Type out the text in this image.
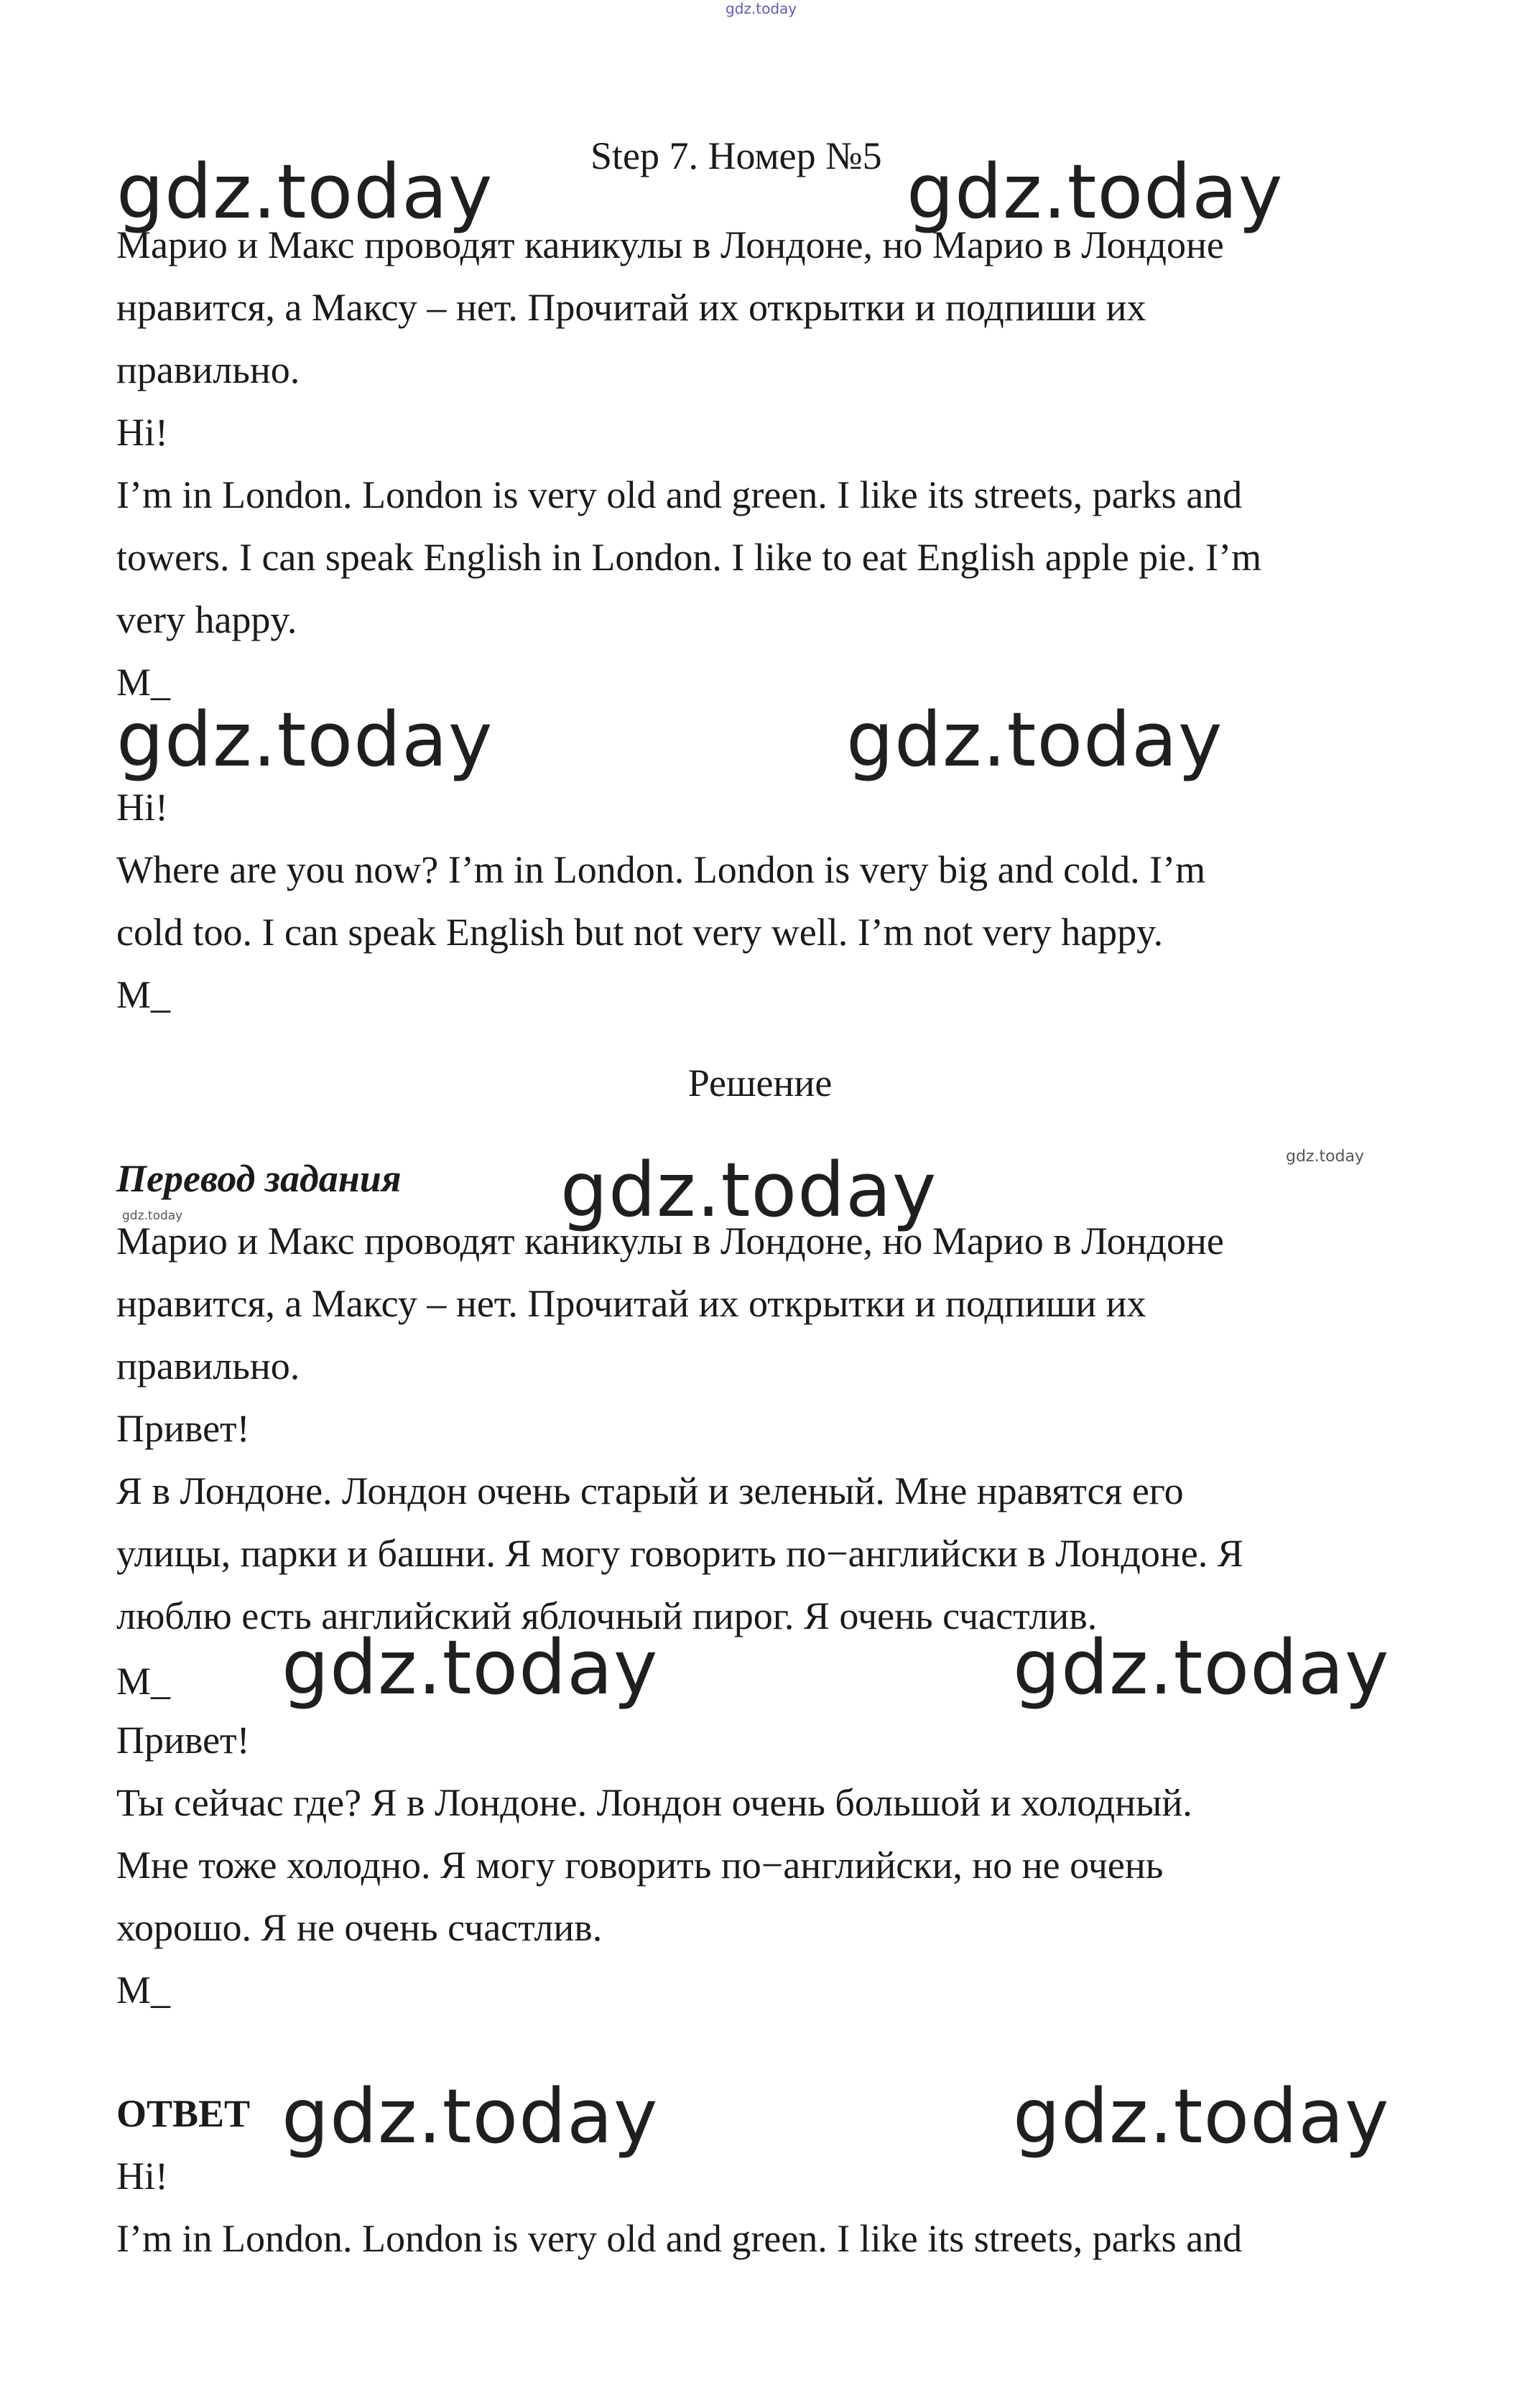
gdz.today
Step 7. Номер №5
gdz.today	gdz.today
Марио и Макс проводят каникулы в Лондоне, но Марио в Лондоне
нравится, а Максу – нет. Прочитай их открытки и подпиши их
правильно.
Hi!
I’m in London. London is very old and green. I like its streets, parks and
towers. I can speak English in London. I like to eat English apple pie. I’m
very happy.
M_
gdz.today	gdz.today
Hi!
Where are you now? I’m in London. London is very big and cold. I’m
cold too. I can speak English but not very well. I’m not very happy.
M_
Решение
gdz.today
Перевод задания gdz.today
gdz.today
Марио и Макс проводят каникулы в Лондоне, но Марио в Лондоне
нравится, а Максу – нет. Прочитай их открытки и подпиши их
правильно.
Привет!
Я в Лондоне. Лондон очень старый и зеленый. Мне нравятся его
улицы, парки и башни. Я могу говорить по−английски в Лондоне. Я
люблю есть английский яблочный пирог. Я очень счастлив.
M_ gdz.today	gdz.today
Привет!
Ты сейчас где? Я в Лондоне. Лондон очень большой и холодный.
Мне тоже холодно. Я могу говорить по−английски, но не очень
хорошо. Я не очень счастлив.
M_
ОТВЕТ gdz.today	gdz.today
Hi!
I’m in London. London is very old and green. I like its streets, parks and
